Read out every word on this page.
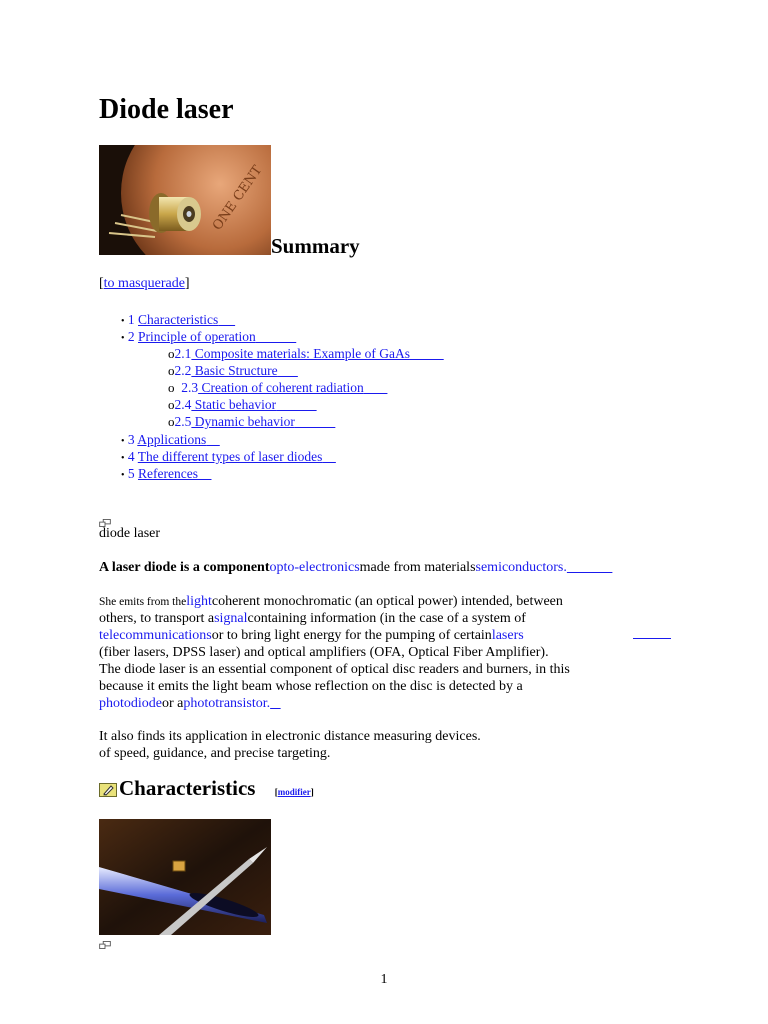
Diode laser
ONE CENT
Summary
[to masquerade]
• 1 Characteristics
• 2 Principle of operation
o2.1 Composite materials: Example of GaAs
o2.2 Basic Structure
o 2.3 Creation of coherent radiation
o2.4 Static behavior
o2.5 Dynamic behavior
• 3 Applications
• 4 The different types of laser diodes
• 5 References
diode laser
A laser diode is a componentopto-electronicsmade from materialssemiconductors.
She emits from thelightcoherent monochromatic (an optical power) intended, between
others, to transport asignalcontaining information (in the case of a system of
telecommunicationsor to bring light energy for the pumping of certainlasers
(fiber lasers, DPSS laser) and optical amplifiers (OFA, Optical Fiber Amplifier).
The diode laser is an essential component of optical disc readers and burners, in this
because it emits the light beam whose reflection on the disc is detected by a
photodiodeor aphototransistor.
It also finds its application in electronic distance measuring devices.
of speed, guidance, and precise targeting.
Characteristics [modifier]
1
